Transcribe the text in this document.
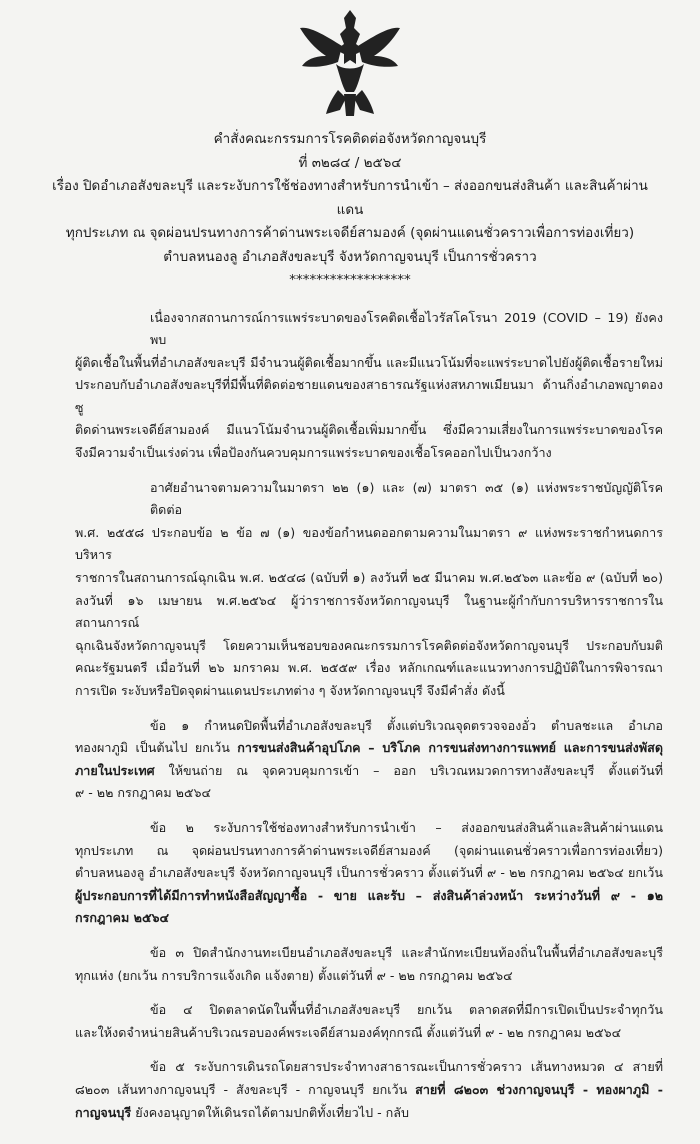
คำสั่งคณะกรรมการโรคติดต่อจังหวัดกาญจนบุรี
ที่ ๓๒๘๔ / ๒๕๖๔
เรื่อง ปิดอำเภอสังขละบุรี และระงับการใช้ช่องทางสำหรับการนำเข้า – ส่งออกขนส่งสินค้า และสินค้าผ่านแดน
ทุกประเภท ณ จุดผ่อนปรนทางการค้าด่านพระเจดีย์สามองค์ (จุดผ่านแดนชั่วคราวเพื่อการท่องเที่ยว)
ตำบลหนองลู อำเภอสังขละบุรี จังหวัดกาญจนบุรี เป็นการชั่วคราว
******************
เนื่องจากสถานการณ์การแพร่ระบาดของโรคติดเชื้อไวรัสโคโรนา 2019 (COVID – 19) ยังคงพบ
ผู้ติดเชื้อในพื้นที่อำเภอสังขละบุรี มีจำนวนผู้ติดเชื้อมากขึ้น และมีแนวโน้มที่จะแพร่ระบาดไปยังผู้ติดเชื้อรายใหม่
ประกอบกับอำเภอสังขละบุรีที่มีพื้นที่ติดต่อชายแดนของสาธารณรัฐแห่งสหภาพเมียนมา ด้านกิ่งอำเภอพญาตองซู
ติดด่านพระเจดีย์สามองค์ มีแนวโน้มจำนวนผู้ติดเชื้อเพิ่มมากขึ้น ซึ่งมีความเสี่ยงในการแพร่ระบาดของโรค
จึงมีความจำเป็นเร่งด่วน เพื่อป้องกันควบคุมการแพร่ระบาดของเชื้อโรคออกไปเป็นวงกว้าง
อาศัยอำนาจตามความในมาตรา ๒๒ (๑) และ (๗) มาตรา ๓๕ (๑) แห่งพระราชบัญญัติโรคติดต่อ
พ.ศ. ๒๕๕๘ ประกอบข้อ ๒ ข้อ ๗ (๑) ของข้อกำหนดออกตามความในมาตรา ๙ แห่งพระราชกำหนดการบริหาร
ราชการในสถานการณ์ฉุกเฉิน พ.ศ. ๒๕๔๘ (ฉบับที่ ๑) ลงวันที่ ๒๕ มีนาคม พ.ศ.๒๕๖๓ และข้อ ๙ (ฉบับที่ ๒๐)
ลงวันที่ ๑๖ เมษายน พ.ศ.๒๕๖๔ ผู้ว่าราชการจังหวัดกาญจนบุรี ในฐานะผู้กำกับการบริหารราชการในสถานการณ์
ฉุกเฉินจังหวัดกาญจนบุรี โดยความเห็นชอบของคณะกรรมการโรคติดต่อจังหวัดกาญจนบุรี ประกอบกับมติ
คณะรัฐมนตรี เมื่อวันที่ ๒๖ มกราคม พ.ศ. ๒๕๕๙ เรื่อง หลักเกณฑ์และแนวทางการปฏิบัติในการพิจารณา
การเปิด ระงับหรือปิดจุดผ่านแดนประเภทต่าง ๆ จังหวัดกาญจนบุรี จึงมีคำสั่ง ดังนี้
ข้อ ๑ กำหนดปิดพื้นที่อำเภอสังขละบุรี ตั้งแต่บริเวณจุดตรวจจองอั่ว ตำบลชะแล อำเภอ
ทองผาภูมิ เป็นต้นไป ยกเว้น การขนส่งสินค้าอุปโภค – บริโภค การขนส่งทางการแพทย์ และการขนส่งพัสดุ
ภายในประเทศ ให้ขนถ่าย ณ จุดควบคุมการเข้า – ออก บริเวณหมวดการทางสังขละบุรี ตั้งแต่วันที่
๙ - ๒๒ กรกฎาคม ๒๕๖๔
ข้อ ๒ ระงับการใช้ช่องทางสำหรับการนำเข้า – ส่งออกขนส่งสินค้าและสินค้าผ่านแดน
ทุกประเภท ณ จุดผ่อนปรนทางการค้าด่านพระเจดีย์สามองค์ (จุดผ่านแดนชั่วคราวเพื่อการท่องเที่ยว)
ตำบลหนองลู อำเภอสังขละบุรี จังหวัดกาญจนบุรี เป็นการชั่วคราว ตั้งแต่วันที่ ๙ - ๒๒ กรกฎาคม ๒๕๖๔ ยกเว้น
ผู้ประกอบการที่ได้มีการทำหนังสือสัญญาซื้อ - ขาย และรับ – ส่งสินค้าล่วงหน้า ระหว่างวันที่ ๙ - ๑๒
กรกฎาคม ๒๕๖๔
ข้อ ๓ ปิดสำนักงานทะเบียนอำเภอสังขละบุรี และสำนักทะเบียนท้องถิ่นในพื้นที่อำเภอสังขละบุรี
ทุกแห่ง (ยกเว้น การบริการแจ้งเกิด แจ้งตาย) ตั้งแต่วันที่ ๙ - ๒๒ กรกฎาคม ๒๕๖๔
ข้อ ๔ ปิดตลาดนัดในพื้นที่อำเภอสังขละบุรี ยกเว้น ตลาดสดที่มีการเปิดเป็นประจำทุกวัน
และให้งดจำหน่ายสินค้าบริเวณรอบองค์พระเจดีย์สามองค์ทุกกรณี ตั้งแต่วันที่ ๙ - ๒๒ กรกฎาคม ๒๕๖๔
ข้อ ๕ ระงับการเดินรถโดยสารประจำทางสาธารณะเป็นการชั่วคราว เส้นทางหมวด ๔ สายที่
๘๒๐๓ เส้นทางกาญจนบุรี - สังขละบุรี - กาญจนบุรี ยกเว้น สายที่ ๘๒๐๓ ช่วงกาญจนบุรี - ทองผาภูมิ -
กาญจนบุรี ยังคงอนุญาตให้เดินรถได้ตามปกติทั้งเที่ยวไป - กลับ
